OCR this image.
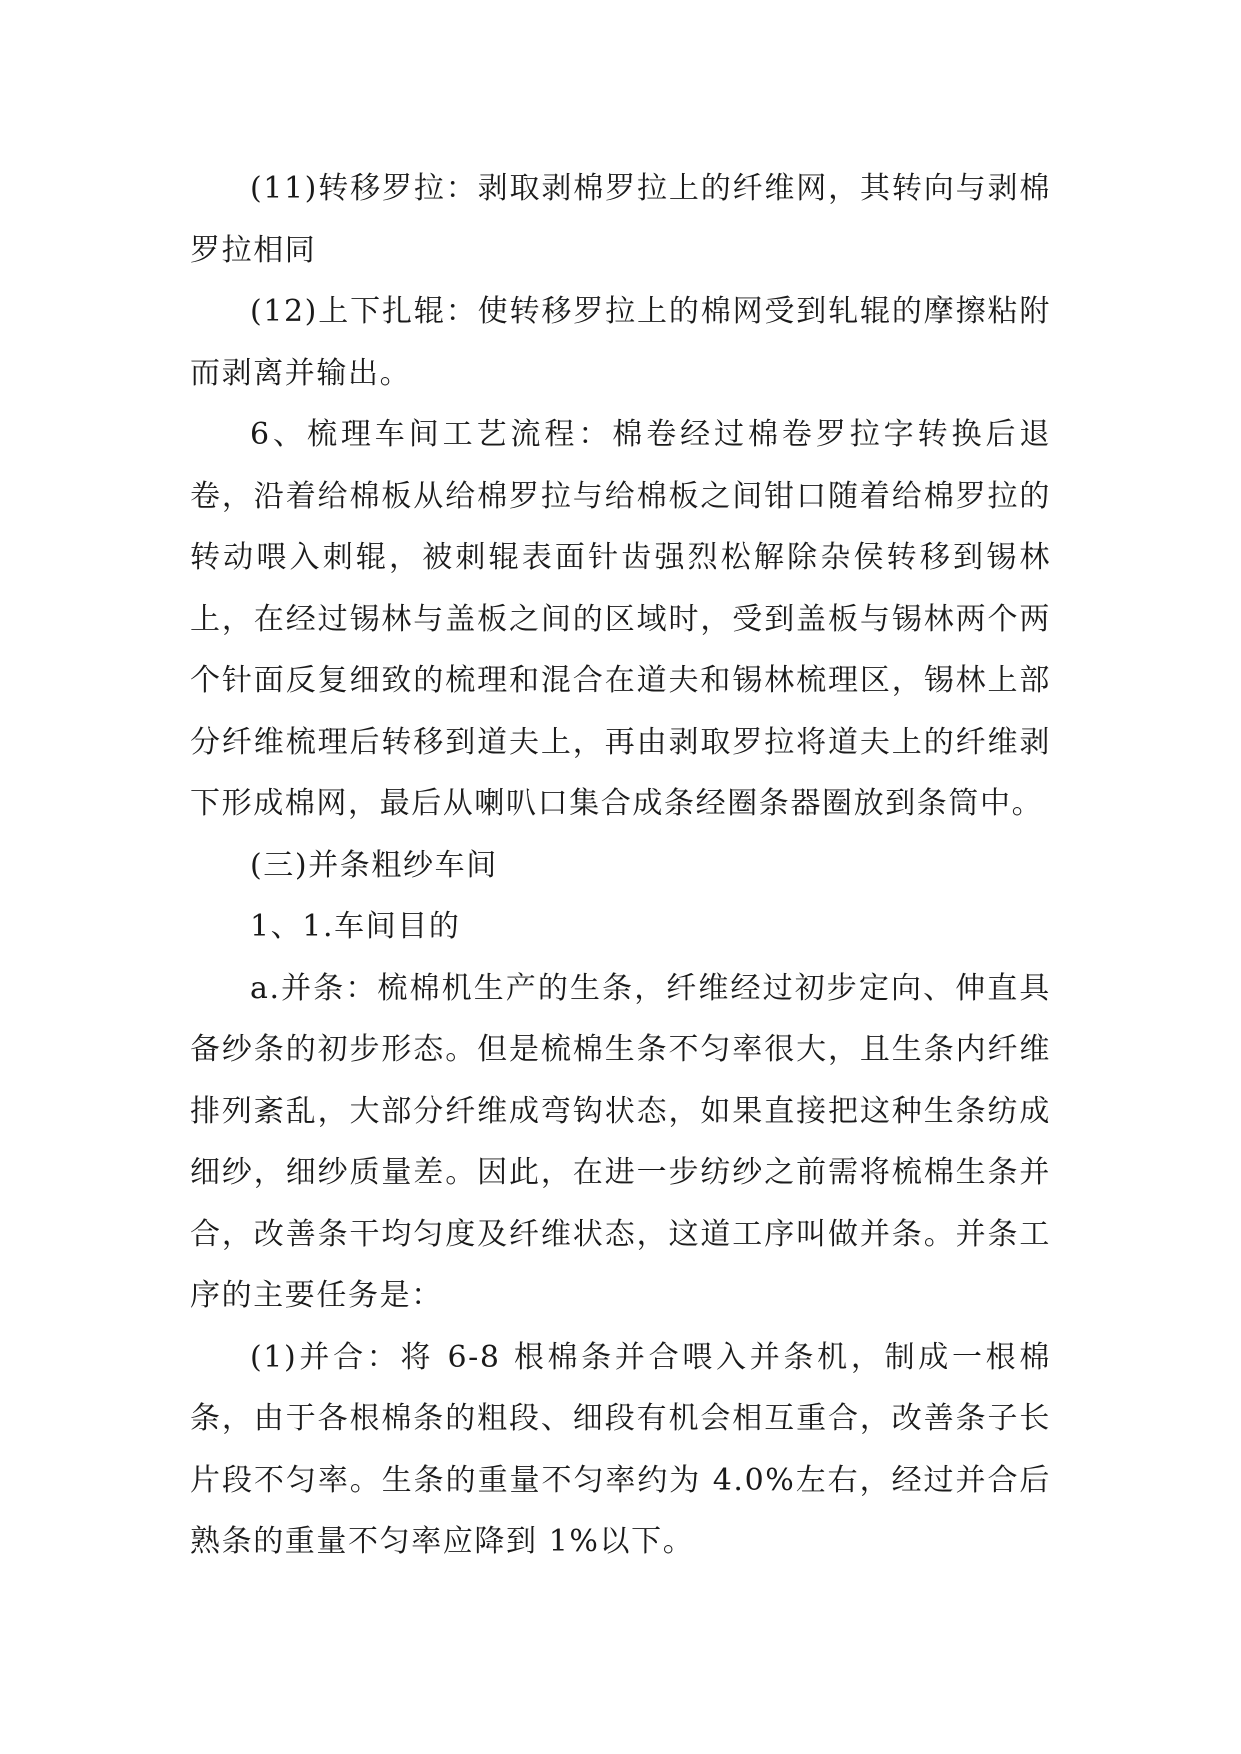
(11)转移罗拉：剥取剥棉罗拉上的纤维网，其转向与剥棉罗拉相同

(12)上下扎辊：使转移罗拉上的棉网受到轧辊的摩擦粘附而剥离并输出。

6、梳理车间工艺流程：棉卷经过棉卷罗拉字转换后退卷，沿着给棉板从给棉罗拉与给棉板之间钳口随着给棉罗拉的转动喂入刺辊，被刺辊表面针齿强烈松解除杂侯转移到锡林上，在经过锡林与盖板之间的区域时，受到盖板与锡林两个两个针面反复细致的梳理和混合在道夫和锡林梳理区，锡林上部分纤维梳理后转移到道夫上，再由剥取罗拉将道夫上的纤维剥下形成棉网，最后从喇叭口集合成条经圈条器圈放到条筒中。

(三)并条粗纱车间

1、1.车间目的

a.并条：梳棉机生产的生条，纤维经过初步定向、伸直具备纱条的初步形态。但是梳棉生条不匀率很大，且生条内纤维排列紊乱，大部分纤维成弯钩状态，如果直接把这种生条纺成细纱，细纱质量差。因此，在进一步纺纱之前需将梳棉生条并合，改善条干均匀度及纤维状态，这道工序叫做并条。并条工序的主要任务是：

(1)并合：将 6-8 根棉条并合喂入并条机，制成一根棉条，由于各根棉条的粗段、细段有机会相互重合，改善条子长片段不匀率。生条的重量不匀率约为 4.0%左右，经过并合后熟条的重量不匀率应降到 1%以下。
